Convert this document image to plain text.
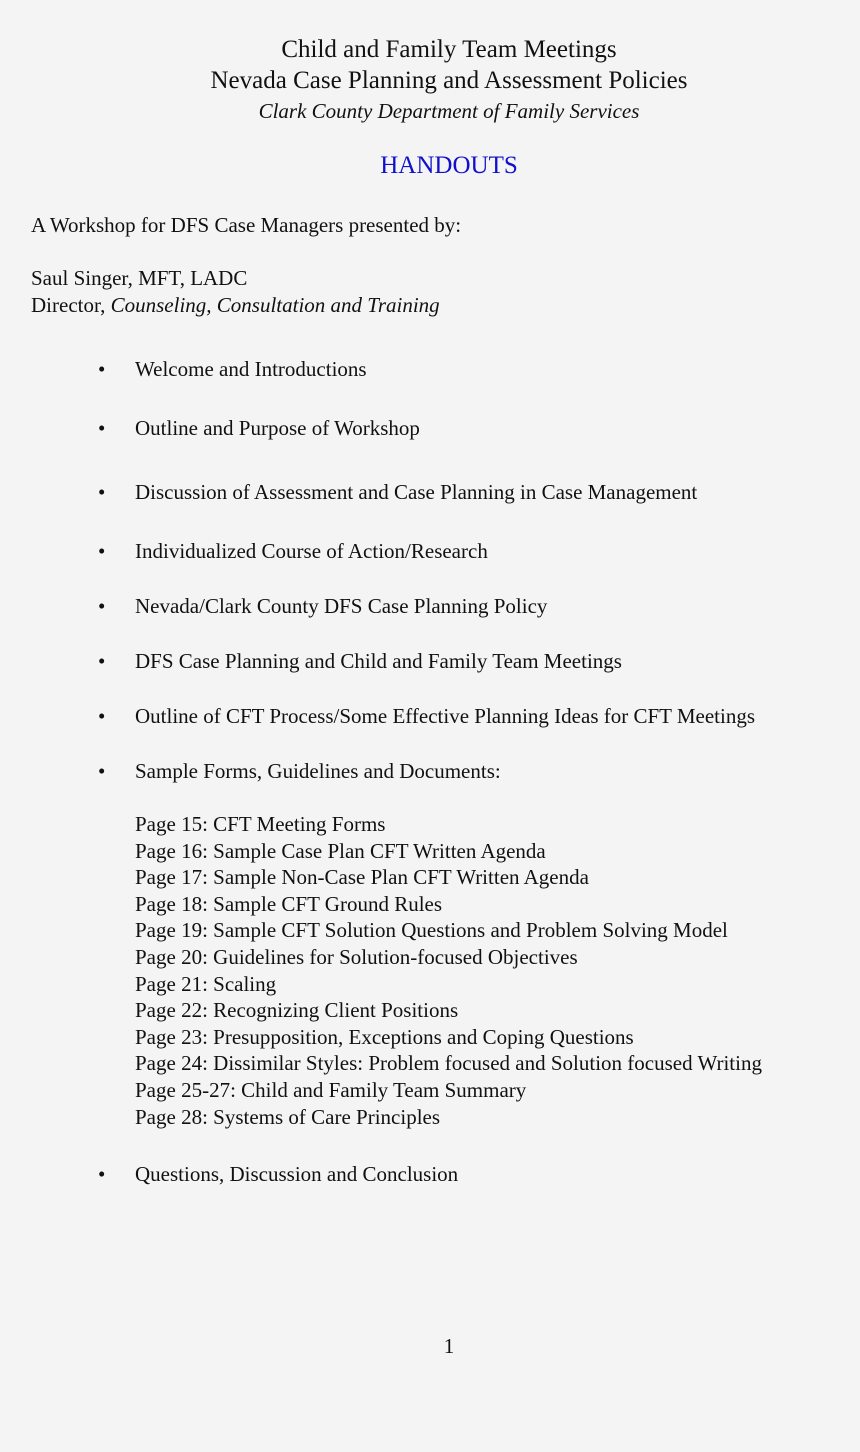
Child and Family Team Meetings
Nevada Case Planning and Assessment Policies
Clark County Department of Family Services
HANDOUTS
A Workshop for DFS Case Managers presented by:
Saul Singer, MFT, LADC
Director, Counseling, Consultation and Training
•	Welcome and Introductions
•	Outline and Purpose of Workshop
•	Discussion of Assessment and Case Planning in Case Management
•	Individualized Course of Action/Research
•	Nevada/Clark County DFS Case Planning Policy
•	DFS Case Planning and Child and Family Team Meetings
•	Outline of CFT Process/Some Effective Planning Ideas for CFT Meetings
•	Sample Forms, Guidelines and Documents:
Page 15: CFT Meeting Forms
Page 16: Sample Case Plan CFT Written Agenda
Page 17: Sample Non-Case Plan CFT Written Agenda
Page 18: Sample CFT Ground Rules
Page 19: Sample CFT Solution Questions and Problem Solving Model
Page 20: Guidelines for Solution-focused Objectives
Page 21: Scaling
Page 22: Recognizing Client Positions
Page 23: Presupposition, Exceptions and Coping Questions
Page 24: Dissimilar Styles: Problem focused and Solution focused Writing
Page 25-27: Child and Family Team Summary
Page 28: Systems of Care Principles
•	Questions, Discussion and Conclusion
1
